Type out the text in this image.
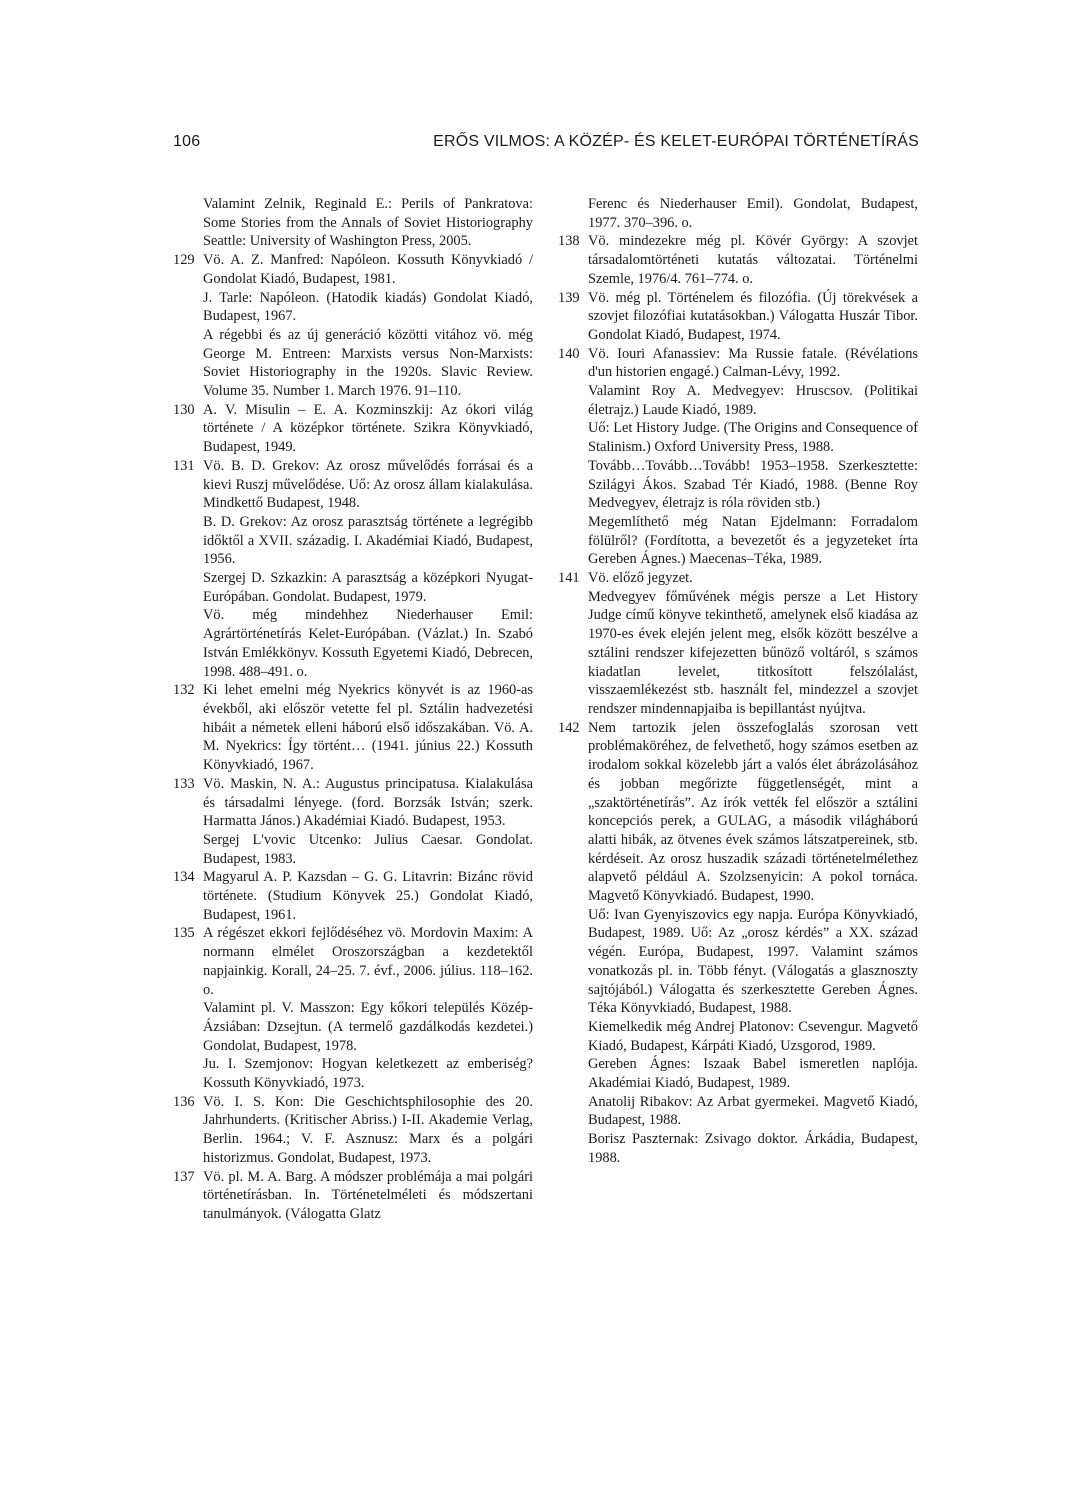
106	ERŐS VILMOS: A KÖZÉP- ÉS KELET-EURÓPAI TÖRTÉNETÍRÁS

Valamint Zelnik, Reginald E.: Perils of Pankratova: Some Stories from the Annals of Soviet Historiography Seattle: University of Washington Press, 2005.

129 Vö. A. Z. Manfred: Napóleon. Kossuth Könyvkiadó / Gondolat Kiadó, Budapest, 1981.

J. Tarle: Napóleon. (Hatodik kiadás) Gondolat Kiadó, Budapest, 1967.

A régebbi és az új generáció közötti vitához vö. még George M. Entreen: Marxists versus Non-Marxists: Soviet Historiography in the 1920s. Slavic Review. Volume 35. Number 1. March 1976. 91–110.

130 A. V. Misulin – E. A. Kozminszkij: Az ókori világ története / A középkor története. Szikra Könyvkiadó, Budapest, 1949.

131 Vö. B. D. Grekov: Az orosz művelődés forrásai és a kievi Ruszj művelődése. Uő: Az orosz állam kialakulása. Mindkettő Budapest, 1948.

B. D. Grekov: Az orosz parasztság története a legrégibb időktől a XVII. századig. I. Akadémiai Kiadó, Budapest, 1956.

Szergej D. Szkazkin: A parasztság a középkori Nyugat-Európában. Gondolat. Budapest, 1979.

Vö. még mindehhez Niederhauser Emil: Agrártörténetírás Kelet-Európában. (Vázlat.) In. Szabó István Emlékkönyv. Kossuth Egyetemi Kiadó, Debrecen, 1998. 488–491. o.

132 Ki lehet emelni még Nyekrics könyvét is az 1960-as évekből, aki először vetette fel pl. Sztálin hadvezetési hibáit a németek elleni háború első időszakában. Vö. A. M. Nyekrics: Így történt… (1941. június 22.) Kossuth Könyvkiadó, 1967.

133 Vö. Maskin, N. A.: Augustus principatusa. Kialakulása és társadalmi lényege. (ford. Borzsák István; szerk. Harmatta János.) Akadémiai Kiadó. Budapest, 1953.

Sergej L'vovic Utcenko: Julius Caesar. Gondolat. Budapest, 1983.

134 Magyarul A. P. Kazsdan – G. G. Litavrin: Bizánc rövid története. (Studium Könyvek 25.) Gondolat Kiadó, Budapest, 1961.

135 A régészet ekkori fejlődéséhez vö. Mordovin Maxim: A normann elmélet Oroszországban a kezdetektől napjainkig. Korall, 24–25. 7. évf., 2006. július. 118–162. o.

Valamint pl. V. Masszon: Egy kőkori település Közép-Ázsiában: Dzsejtun. (A termelő gazdálkodás kezdetei.) Gondolat, Budapest, 1978.

Ju. I. Szemjonov: Hogyan keletkezett az emberiség? Kossuth Könyvkiadó, 1973.

136 Vö. I. S. Kon: Die Geschichtsphilosophie des 20. Jahrhunderts. (Kritischer Abriss.) I-II. Akademie Verlag, Berlin. 1964.; V. F. Asznusz: Marx és a polgári historizmus. Gondolat, Budapest, 1973.

137 Vö. pl. M. A. Barg. A módszer problémája a mai polgári történetírásban. In. Történetelméleti és módszertani tanulmányok. (Válogatta Glatz

Ferenc és Niederhauser Emil). Gondolat, Budapest, 1977. 370–396. o.

138 Vö. mindezekre még pl. Kövér György: A szovjet társadalomtörténeti kutatás változatai. Történelmi Szemle, 1976/4. 761–774. o.

139 Vö. még pl. Történelem és filozófia. (Új törekvések a szovjet filozófiai kutatásokban.) Válogatta Huszár Tibor. Gondolat Kiadó, Budapest, 1974.

140 Vö. Iouri Afanassiev: Ma Russie fatale. (Révélations d'un historien engagé.) Calman-Lévy, 1992.

Valamint Roy A. Medvegyev: Hruscsov. (Politikai életrajz.) Laude Kiadó, 1989.

Uő: Let History Judge. (The Origins and Consequence of Stalinism.) Oxford University Press, 1988.

Tovább…Tovább…Tovább! 1953–1958. Szerkesztette: Szilágyi Ákos. Szabad Tér Kiadó, 1988. (Benne Roy Medvegyev, életrajz is róla röviden stb.)

Megemlíthető még Natan Ejdelmann: Forradalom fölülről? (Fordította, a bevezetőt és a jegyzeteket írta Gereben Ágnes.) Maecenas–Téka, 1989.

141 Vö. előző jegyzet.

Medvegyev főművének mégis persze a Let History Judge című könyve tekinthető, amelynek első kiadása az 1970-es évek elején jelent meg, elsők között beszélve a sztálini rendszer kifejezetten bűnöző voltáról, s számos kiadatlan levelet, titkosított felszólalást, visszaemlékezést stb. használt fel, mindezzel a szovjet rendszer mindennapjaiba is bepillantást nyújtva.

142 Nem tartozik jelen összefoglalás szorosan vett problémaköréhez, de felvethető, hogy számos esetben az irodalom sokkal közelebb járt a valós élet ábrázolásához és jobban megőrizte függetlenségét, mint a „szaktörténetírás”. Az írók vették fel először a sztálini koncepciós perek, a GULAG, a második világháború alatti hibák, az ötvenes évek számos látszatpereinek, stb. kérdéseit. Az orosz huszadik századi történetelmélethez alapvető például A. Szolzsenyicin: A pokol tornáca. Magvető Könyvkiadó. Budapest, 1990.

Uő: Ivan Gyenyiszovics egy napja. Európa Könyvkiadó, Budapest, 1989. Uő: Az „orosz kérdés” a XX. század végén. Európa, Budapest, 1997. Valamint számos vonatkozás pl. in. Több fényt. (Válogatás a glasznoszty sajtójából.) Válogatta és szerkesztette Gereben Ágnes. Téka Könyvkiadó, Budapest, 1988.

Kiemelkedik még Andrej Platonov: Csevengur. Magvető Kiadó, Budapest, Kárpáti Kiadó, Uzsgorod, 1989.

Gereben Ágnes: Iszaak Babel ismeretlen naplója. Akadémiai Kiadó, Budapest, 1989.

Anatolij Ribakov: Az Arbat gyermekei. Magvető Kiadó, Budapest, 1988.

Borisz Paszternak: Zsivago doktor. Árkádia, Budapest, 1988.
